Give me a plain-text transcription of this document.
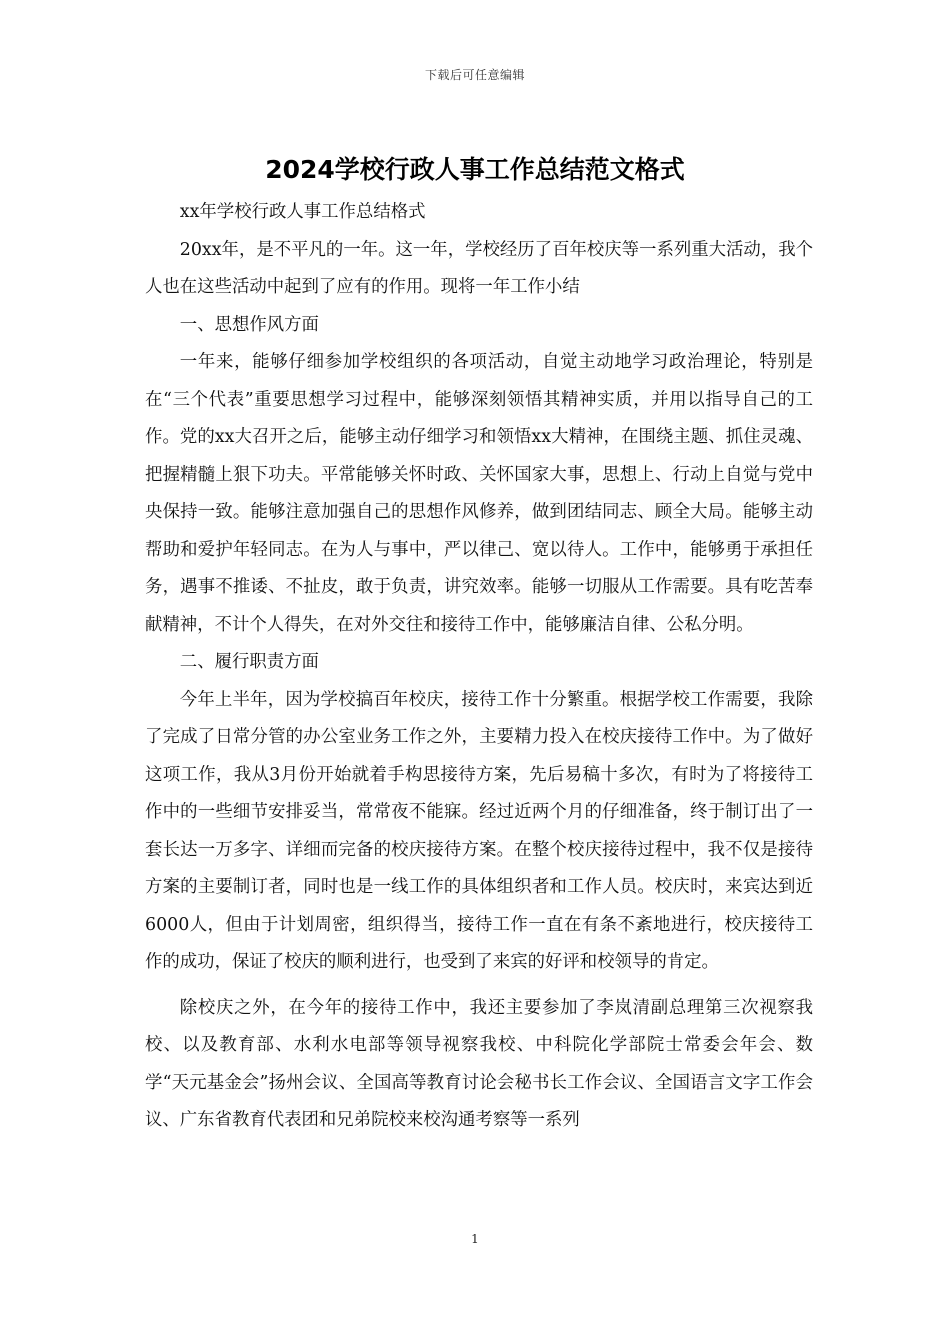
下载后可任意编辑
2024学校行政人事工作总结范文格式

xx年学校行政人事工作总结格式

20xx年，是不平凡的一年。这一年，学校经历了百年校庆等一系列重大活动，我个人也在这些活动中起到了应有的作用。现将一年工作小结

一、思想作风方面

一年来，能够仔细参加学校组织的各项活动，自觉主动地学习政治理论，特别是在“三个代表”重要思想学习过程中，能够深刻领悟其精神实质，并用以指导自己的工作。党的xx大召开之后，能够主动仔细学习和领悟xx大精神，在围绕主题、抓住灵魂、把握精髓上狠下功夫。平常能够关怀时政、关怀国家大事，思想上、行动上自觉与党中央保持一致。能够注意加强自己的思想作风修养，做到团结同志、顾全大局。能够主动帮助和爱护年轻同志。在为人与事中，严以律己、宽以待人。工作中，能够勇于承担任务，遇事不推诿、不扯皮，敢于负责，讲究效率。能够一切服从工作需要。具有吃苦奉献精神，不计个人得失，在对外交往和接待工作中，能够廉洁自律、公私分明。

二、履行职责方面

今年上半年，因为学校搞百年校庆，接待工作十分繁重。根据学校工作需要，我除了完成了日常分管的办公室业务工作之外，主要精力投入在校庆接待工作中。为了做好这项工作，我从3月份开始就着手构思接待方案，先后易稿十多次，有时为了将接待工作中的一些细节安排妥当，常常夜不能寐。经过近两个月的仔细准备，终于制订出了一套长达一万多字、详细而完备的校庆接待方案。在整个校庆接待过程中，我不仅是接待方案的主要制订者，同时也是一线工作的具体组织者和工作人员。校庆时，来宾达到近6000人，但由于计划周密，组织得当，接待工作一直在有条不紊地进行，校庆接待工作的成功，保证了校庆的顺利进行，也受到了来宾的好评和校领导的肯定。

除校庆之外，在今年的接待工作中，我还主要参加了李岚清副总理第三次视察我校、以及教育部、水利水电部等领导视察我校、中科院化学部院士常委会年会、数学“天元基金会”扬州会议、全国高等教育讨论会秘书长工作会议、全国语言文字工作会议、广东省教育代表团和兄弟院校来校沟通考察等一系列

1
